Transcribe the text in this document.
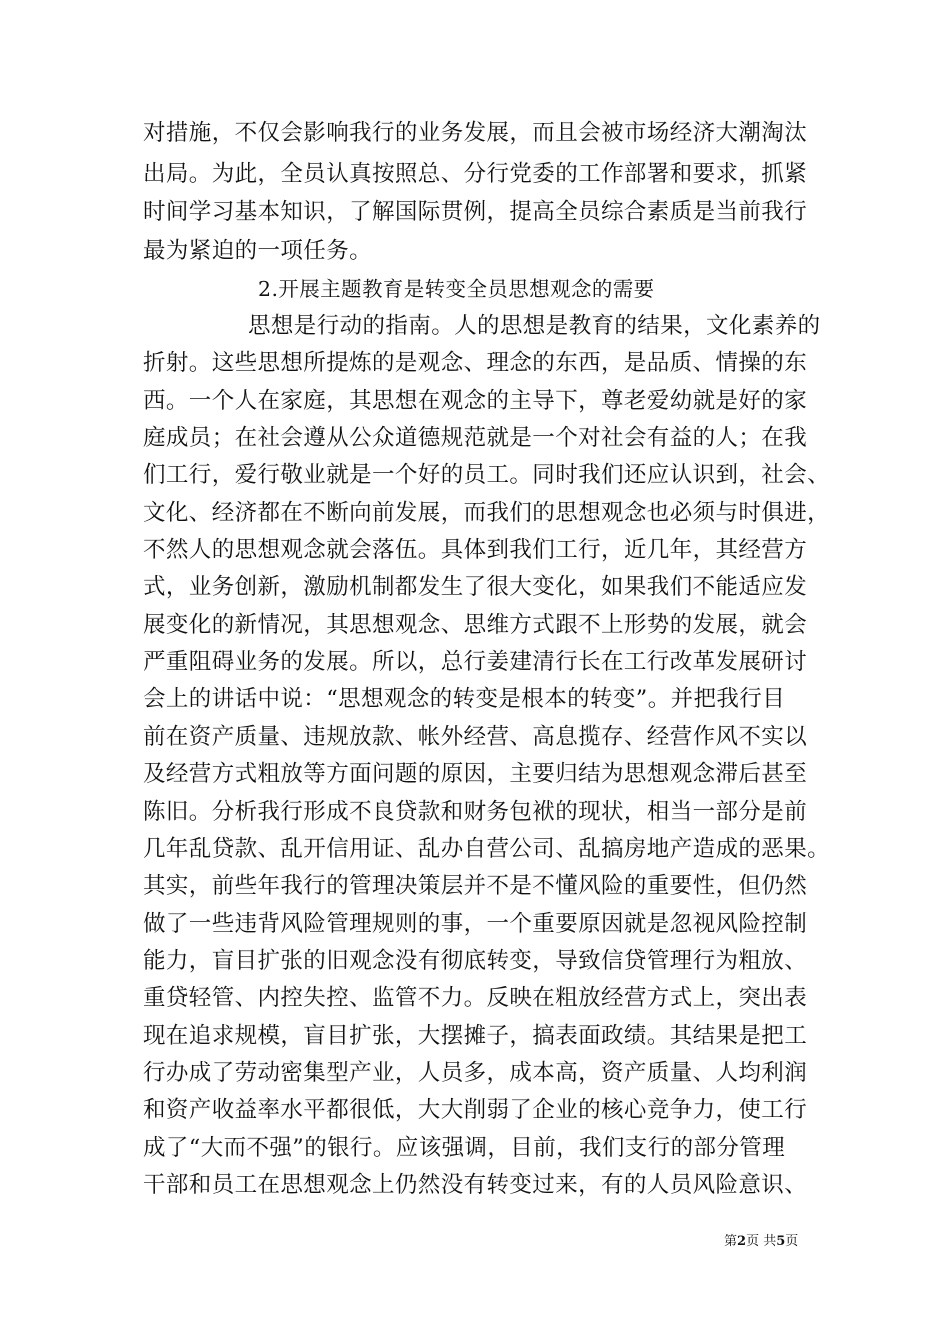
对措施，不仅会影响我行的业务发展，而且会被市场经济大潮淘汰
出局。为此，全员认真按照总、分行党委的工作部署和要求，抓紧
时间学习基本知识，了解国际贯例，提高全员综合素质是当前我行
最为紧迫的一项任务。
2.开展主题教育是转变全员思想观念的需要
思想是行动的指南。人的思想是教育的结果，文化素养的
折射。这些思想所提炼的是观念、理念的东西，是品质、情操的东
西。一个人在家庭，其思想在观念的主导下，尊老爱幼就是好的家
庭成员；在社会遵从公众道德规范就是一个对社会有益的人；在我
们工行，爱行敬业就是一个好的员工。同时我们还应认识到，社会、
文化、经济都在不断向前发展，而我们的思想观念也必须与时俱进，
不然人的思想观念就会落伍。具体到我们工行，近几年，其经营方
式，业务创新，激励机制都发生了很大变化，如果我们不能适应发
展变化的新情况，其思想观念、思维方式跟不上形势的发展，就会
严重阻碍业务的发展。所以，总行姜建清行长在工行改革发展研讨
会上的讲话中说：“思想观念的转变是根本的转变”。并把我行目
前在资产质量、违规放款、帐外经营、高息揽存、经营作风不实以
及经营方式粗放等方面问题的原因，主要归结为思想观念滞后甚至
陈旧。分析我行形成不良贷款和财务包袱的现状，相当一部分是前
几年乱贷款、乱开信用证、乱办自营公司、乱搞房地产造成的恶果。
其实，前些年我行的管理决策层并不是不懂风险的重要性，但仍然
做了一些违背风险管理规则的事，一个重要原因就是忽视风险控制
能力，盲目扩张的旧观念没有彻底转变，导致信贷管理行为粗放、
重贷轻管、内控失控、监管不力。反映在粗放经营方式上，突出表
现在追求规模，盲目扩张，大摆摊子，搞表面政绩。其结果是把工
行办成了劳动密集型产业，人员多，成本高，资产质量、人均利润
和资产收益率水平都很低，大大削弱了企业的核心竞争力，使工行
成了“大而不强”的银行。应该强调，目前，我们支行的部分管理
干部和员工在思想观念上仍然没有转变过来，有的人员风险意识、
第2页 共5页
